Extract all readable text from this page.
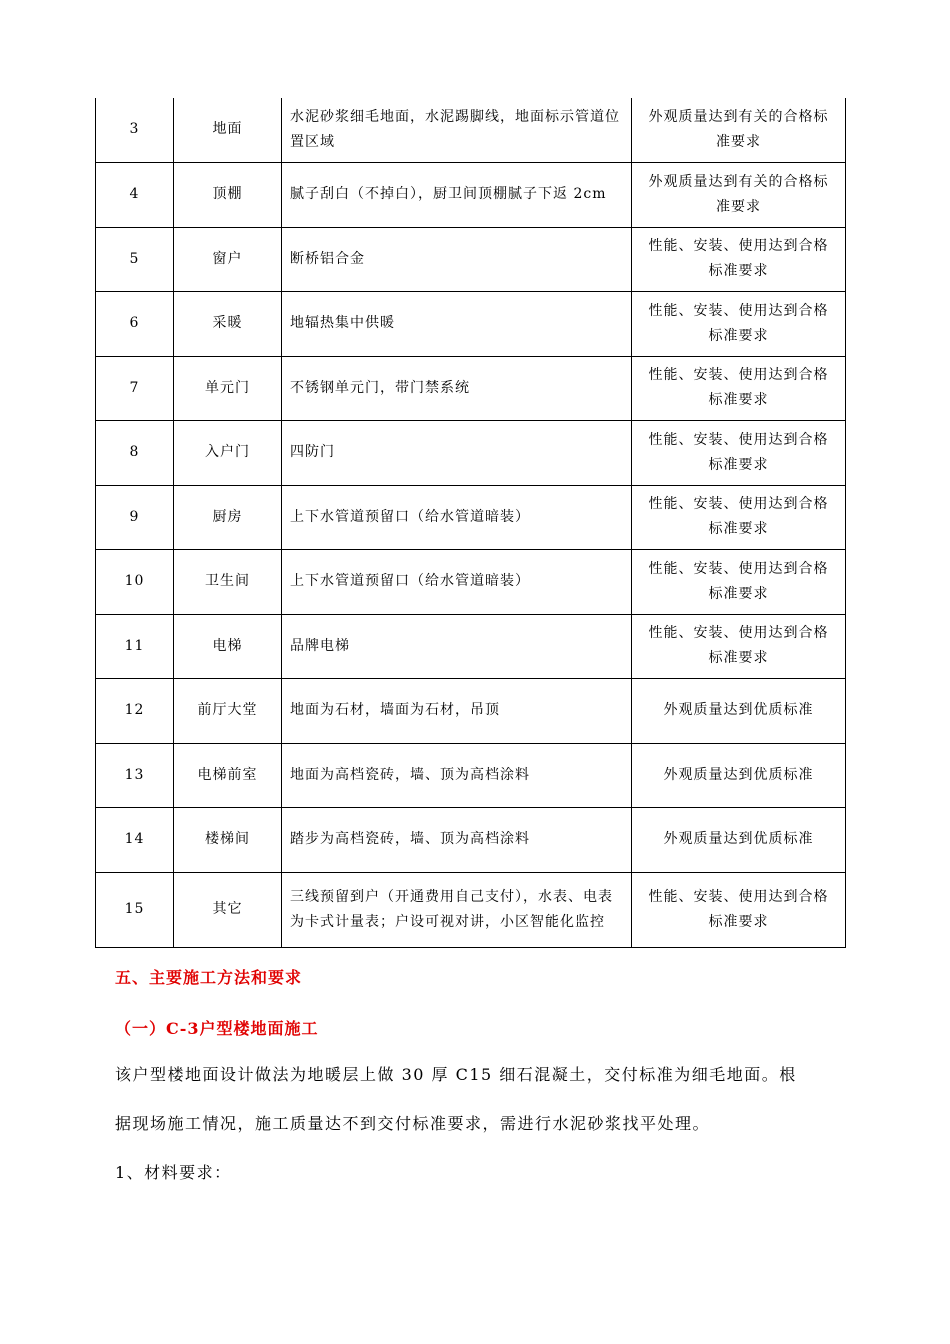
3	地面	水泥砂浆细毛地面，水泥踢脚线，地面标示管道位置区域	外观质量达到有关的合格标准要求
4	顶棚	腻子刮白（不掉白），厨卫间顶棚腻子下返 2cm	外观质量达到有关的合格标准要求
5	窗户	断桥铝合金	性能、安装、使用达到合格标准要求
6	采暖	地辐热集中供暖	性能、安装、使用达到合格标准要求
7	单元门	不锈钢单元门，带门禁系统	性能、安装、使用达到合格标准要求
8	入户门	四防门	性能、安装、使用达到合格标准要求
9	厨房	上下水管道预留口（给水管道暗装）	性能、安装、使用达到合格标准要求
10	卫生间	上下水管道预留口（给水管道暗装）	性能、安装、使用达到合格标准要求
11	电梯	品牌电梯	性能、安装、使用达到合格标准要求
12	前厅大堂	地面为石材，墙面为石材，吊顶	外观质量达到优质标准
13	电梯前室	地面为高档瓷砖，墙、顶为高档涂料	外观质量达到优质标准
14	楼梯间	踏步为高档瓷砖，墙、顶为高档涂料	外观质量达到优质标准
15	其它	三线预留到户（开通费用自己支付），水表、电表为卡式计量表；户设可视对讲，小区智能化监控	性能、安装、使用达到合格标准要求
五、主要施工方法和要求
（一）C-3户型楼地面施工
该户型楼地面设计做法为地暖层上做 30 厚 C15 细石混凝土，交付标准为细毛地面。根
据现场施工情况，施工质量达不到交付标准要求，需进行水泥砂浆找平处理。
1、材料要求：
